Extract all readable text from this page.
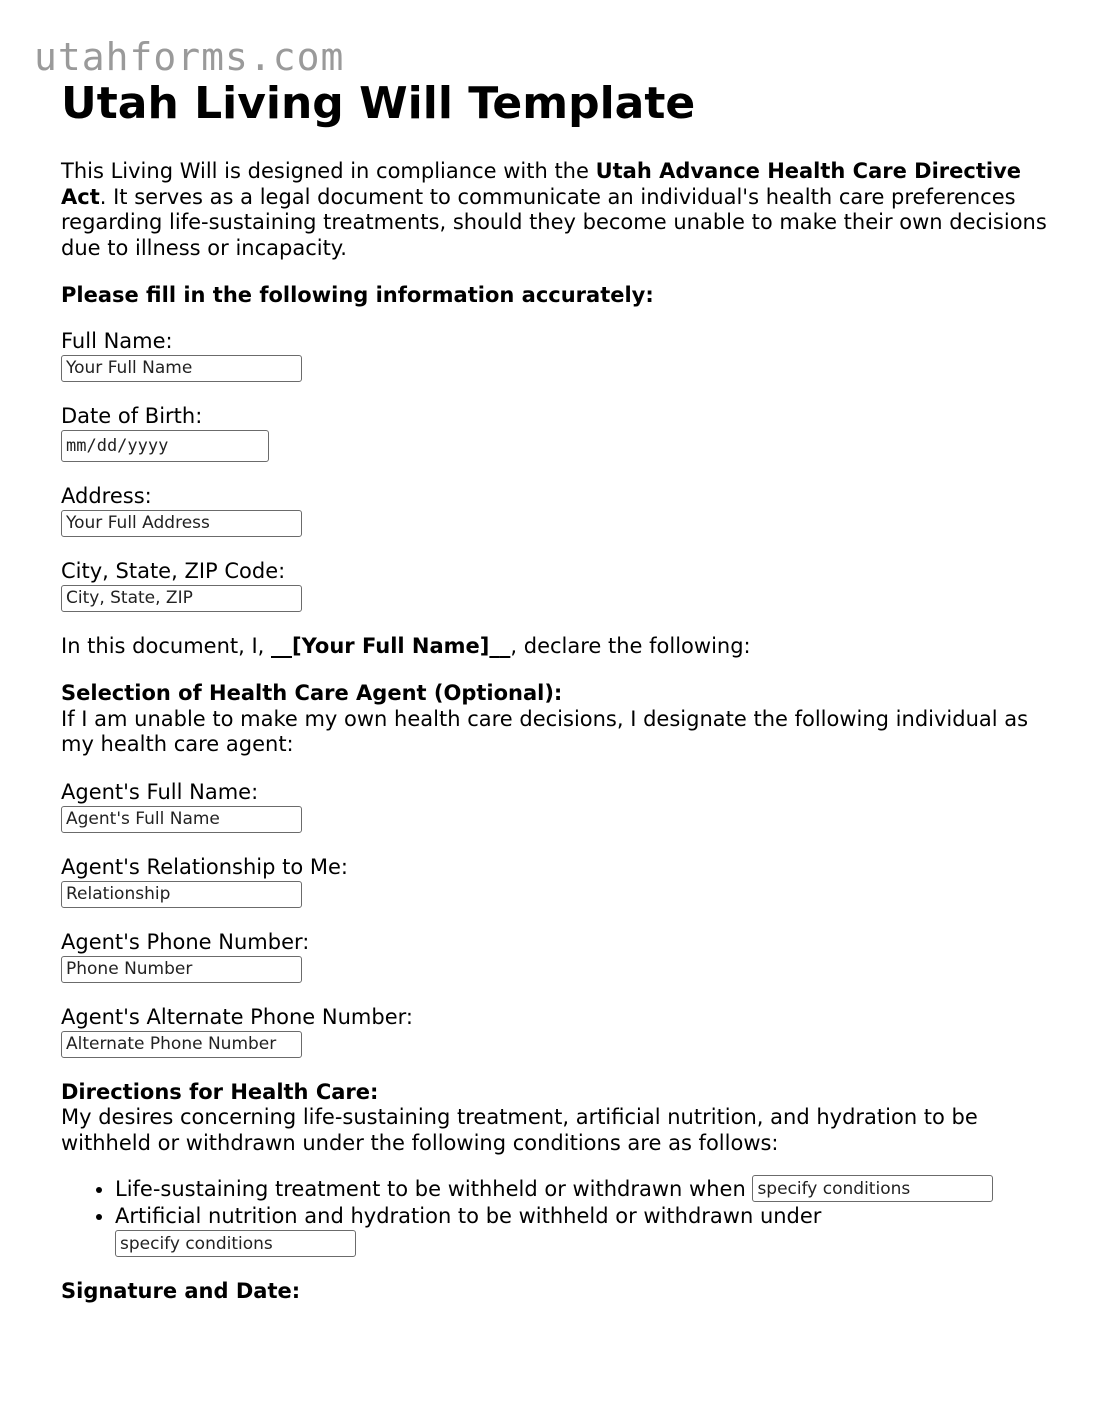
utahforms.com
Utah Living Will Template

This Living Will is designed in compliance with the Utah Advance Health Care Directive Act. It serves as a legal document to communicate an individual's health care preferences regarding life-sustaining treatments, should they become unable to make their own decisions due to illness or incapacity.

Please fill in the following information accurately:
Full Name:
Your Full Name
Date of Birth:
mm/dd/yyyy
Address:
Your Full Address
City, State, ZIP Code:
City, State, ZIP

In this document, I, __[Your Full Name]__, declare the following:

Selection of Health Care Agent (Optional):

If I am unable to make my own health care decisions, I designate the following individual as my health care agent:

Agent's Full Name:
Agent's Full Name
Agent's Relationship to Me:
Relationship
Agent's Phone Number:
Phone Number
Agent's Alternate Phone Number:
Alternate Phone Number
Directions for Health Care:

My desires concerning life-sustaining treatment, artificial nutrition, and hydration to be withheld or withdrawn under the following conditions are as follows:

• Life-sustaining treatment to be withheld or withdrawn when specify conditions
• Artificial nutrition and hydration to be withheld or withdrawn under
specify conditions
Signature and Date:
